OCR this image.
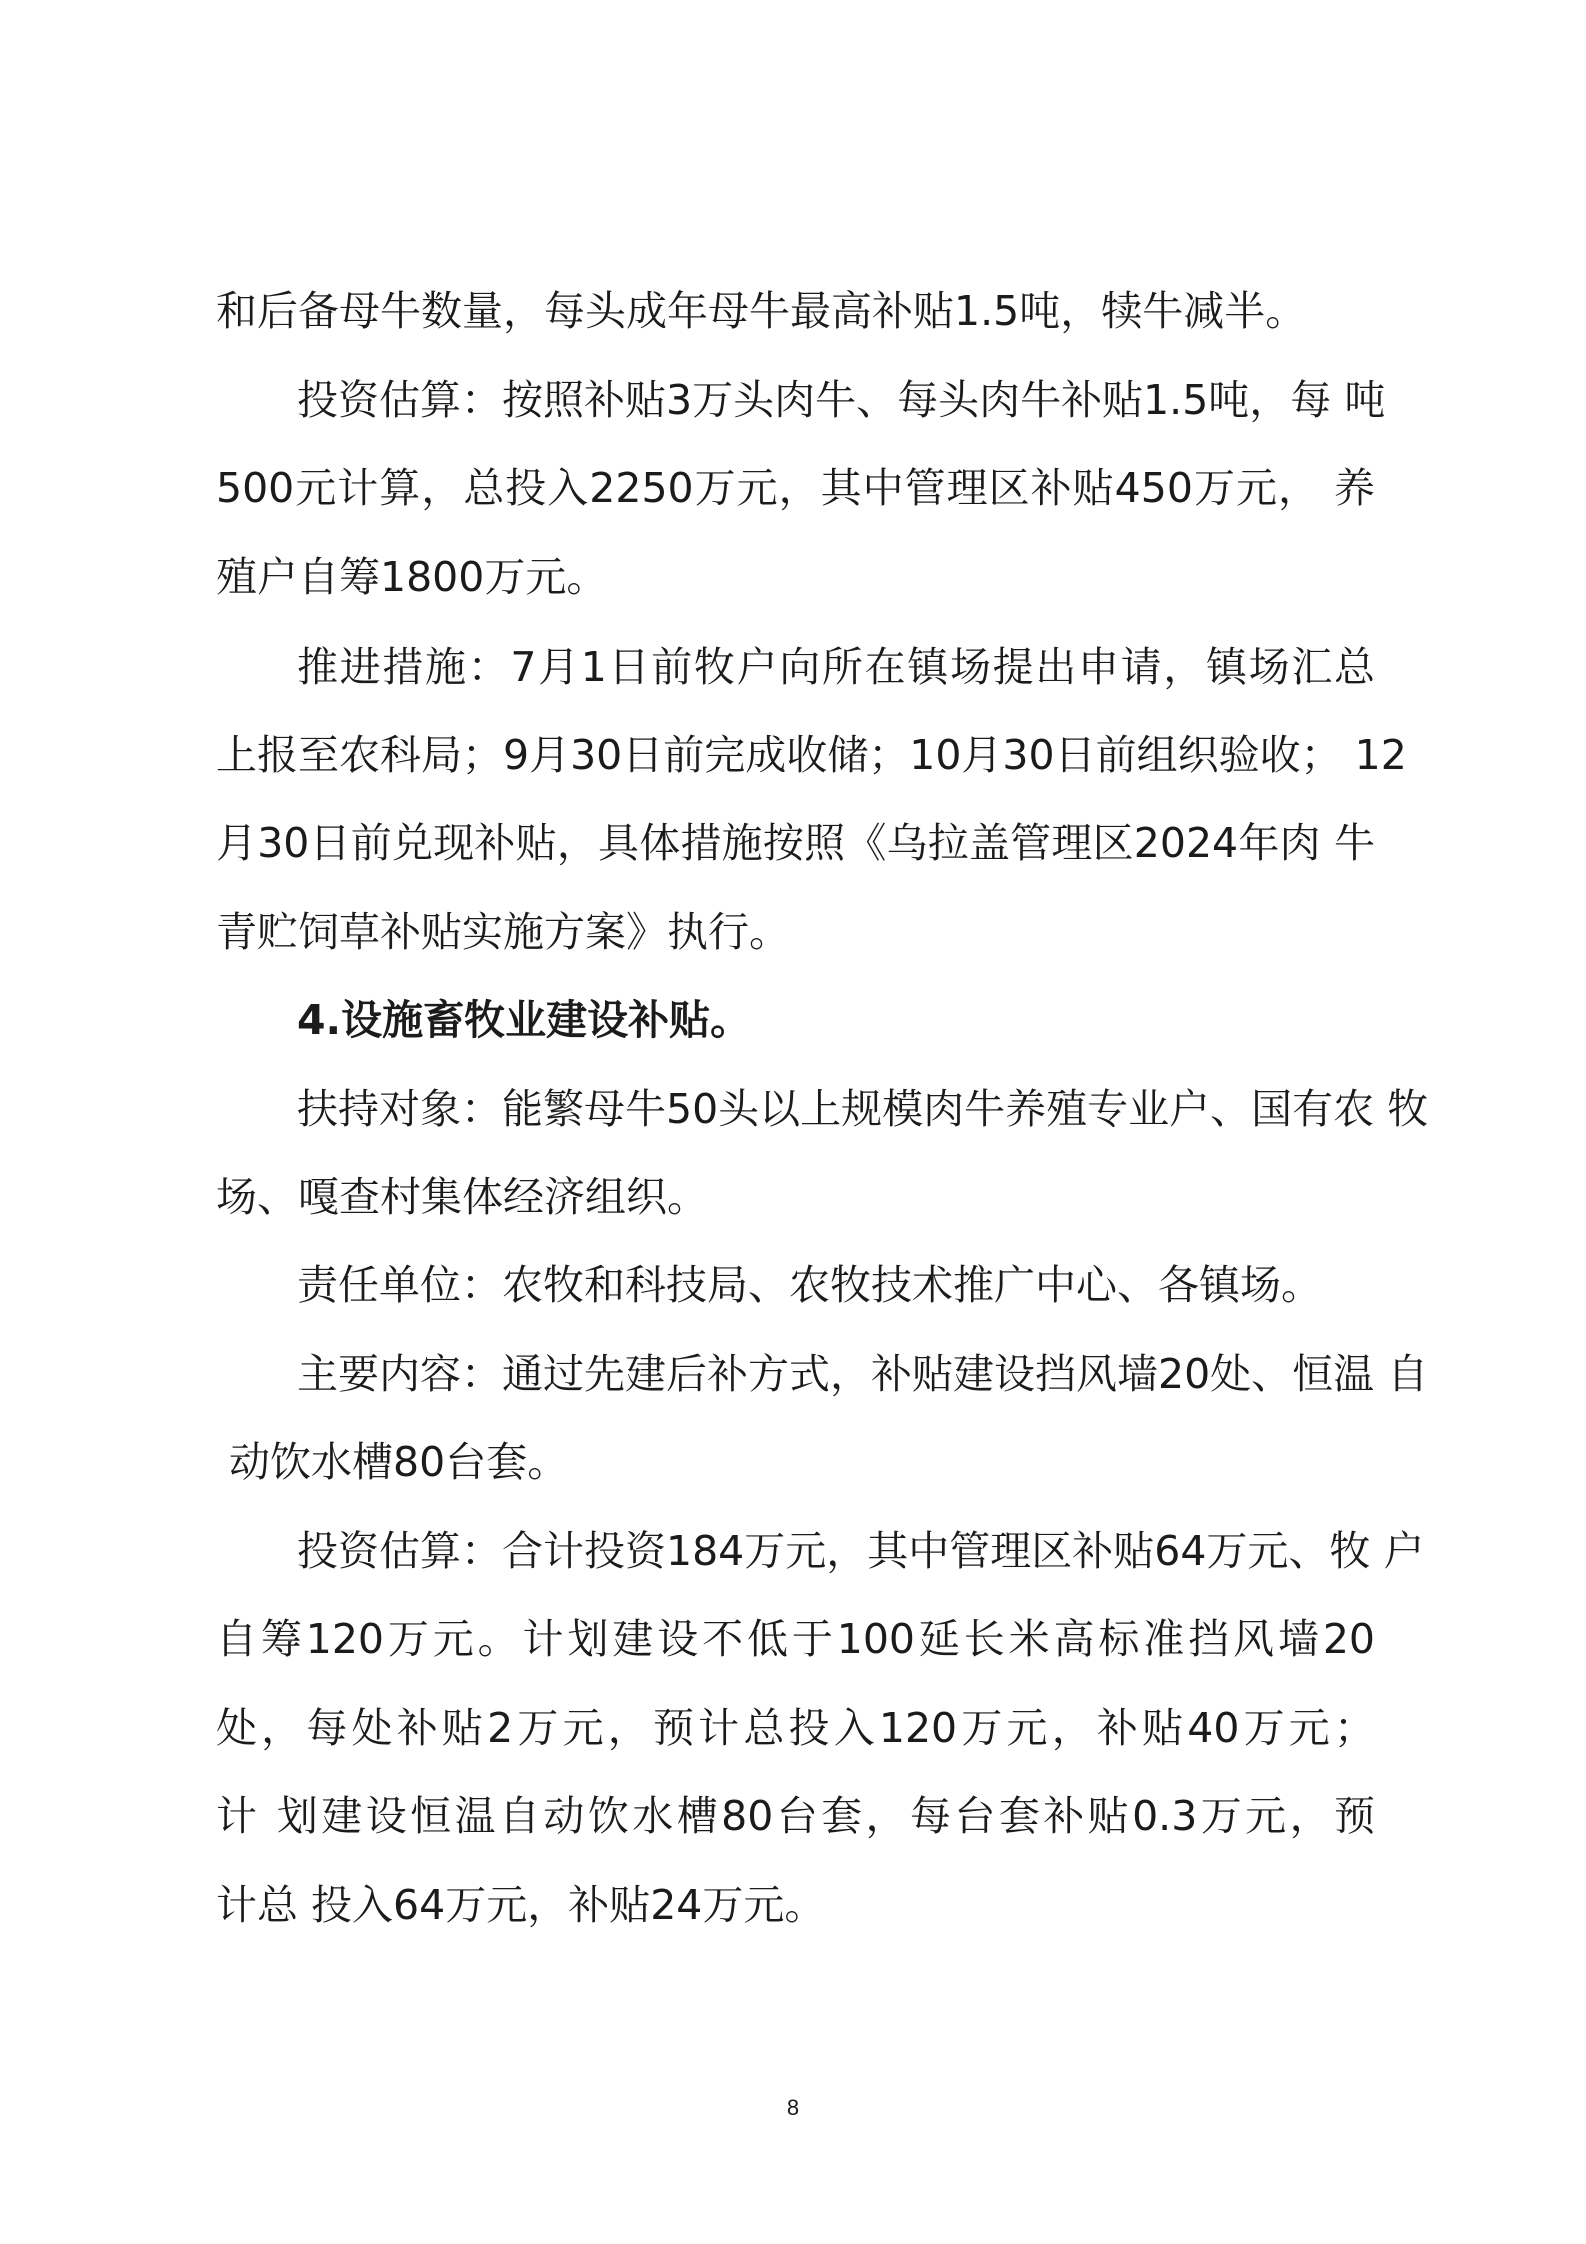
和后备母牛数量，每头成年母牛最高补贴1.5吨，犊牛减半。

投资估算：按照补贴3万头肉牛、每头肉牛补贴1.5吨，每 吨

500元计算，总投入2250万元，其中管理区补贴450万元， 养

殖户自筹1800万元。

推进措施：7月1日前牧户向所在镇场提出申请，镇场汇总

上报至农科局；9月30日前完成收储；10月30日前组织验收； 12

月30日前兑现补贴，具体措施按照《乌拉盖管理区2024年肉 牛

青贮饲草补贴实施方案》执行。

4.设施畜牧业建设补贴。

扶持对象：能繁母牛50头以上规模肉牛养殖专业户、国有农 牧

场、嘎查村集体经济组织。

责任单位：农牧和科技局、农牧技术推广中心、各镇场。

主要内容：通过先建后补方式，补贴建设挡风墙20处、恒温 自

动饮水槽80台套。

投资估算：合计投资184万元，其中管理区补贴64万元、牧 户

自筹120万元。计划建设不低于100延长米高标准挡风墙20

处，每处补贴2万元，预计总投入120万元，补贴40万元；

计 划建设恒温自动饮水槽80台套，每台套补贴0.3万元，预

计总 投入64万元，补贴24万元。

8
